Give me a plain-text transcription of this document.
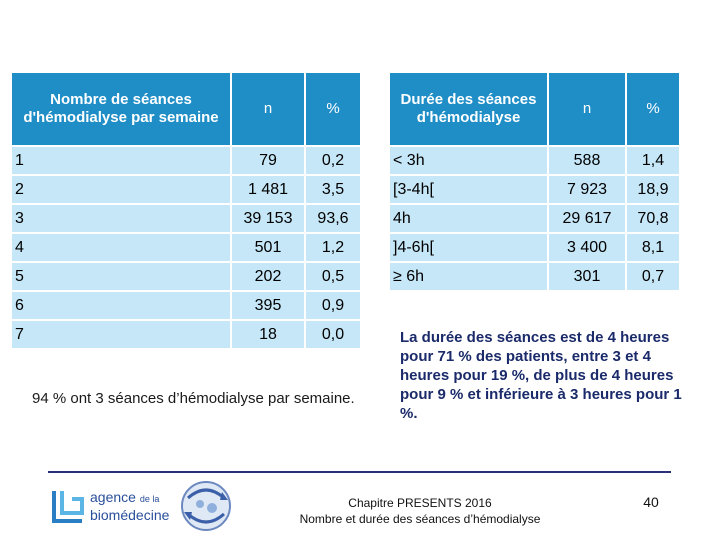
Nombre de séances d'hémodialyse par semaine	n	%
1	79	0,2
2	1 481	3,5
3	39 153	93,6
4	501	1,2
5	202	0,5
6	395	0,9
7	18	0,0
Durée des séances d'hémodialyse	n	%
< 3h	588	1,4
[3-4h[	7 923	18,9
4h	29 617	70,8
]4-6h[	3 400	8,1
≥ 6h	301	0,7

94 % ont 3 séances d’hémodialyse par semaine.

La durée des séances est de 4 heures pour 71 % des patients, entre 3 et 4 heures pour 19 %, de plus de 4 heures pour 9 % et inférieure à 3 heures pour 1 %.

agence de la
biomédecine
Chapitre PRESENTS 2016
Nombre et durée des séances d’hémodialyse
40
